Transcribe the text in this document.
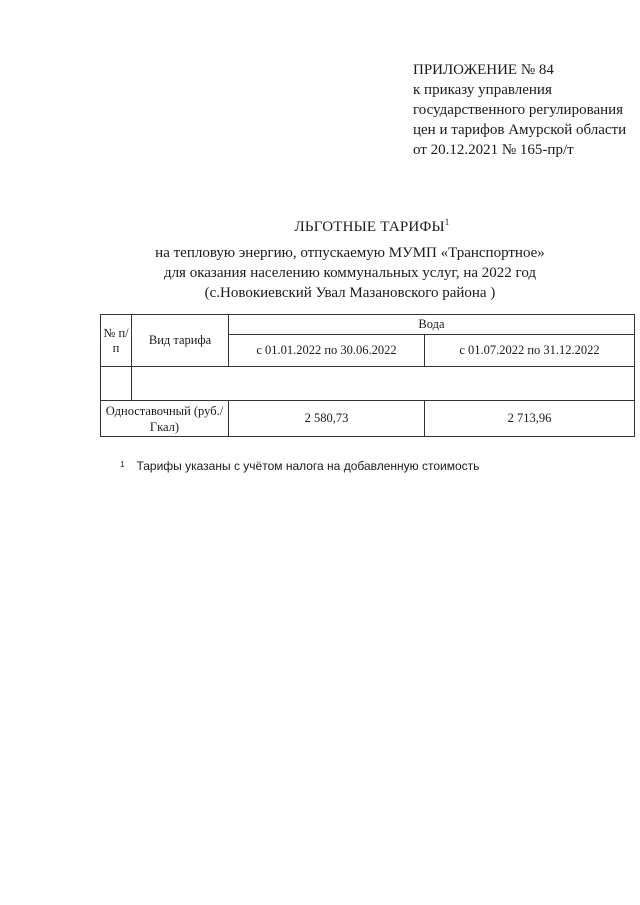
ПРИЛОЖЕНИЕ № 84
к приказу управления
государственного регулирования
цен и тарифов Амурской области
от 20.12.2021 № 165-пр/т
ЛЬГОТНЫЕ ТАРИФЫ$^1$
на тепловую энергию, отпускаемую МУМП «Транспортное»
для оказания населению коммунальных услуг, на 2022 год
(с.Новокиевский Увал Мазановского района )
№ п/п	Вид тарифа	Вода	
		с 01.01.2022 по 30.06.2022	с 01.07.2022 по 31.12.2022

Одноставочный (руб./Гкал)		2 580,73	2 713,96
$^1$ Тарифы указаны с учётом налога на добавленную стоимость
